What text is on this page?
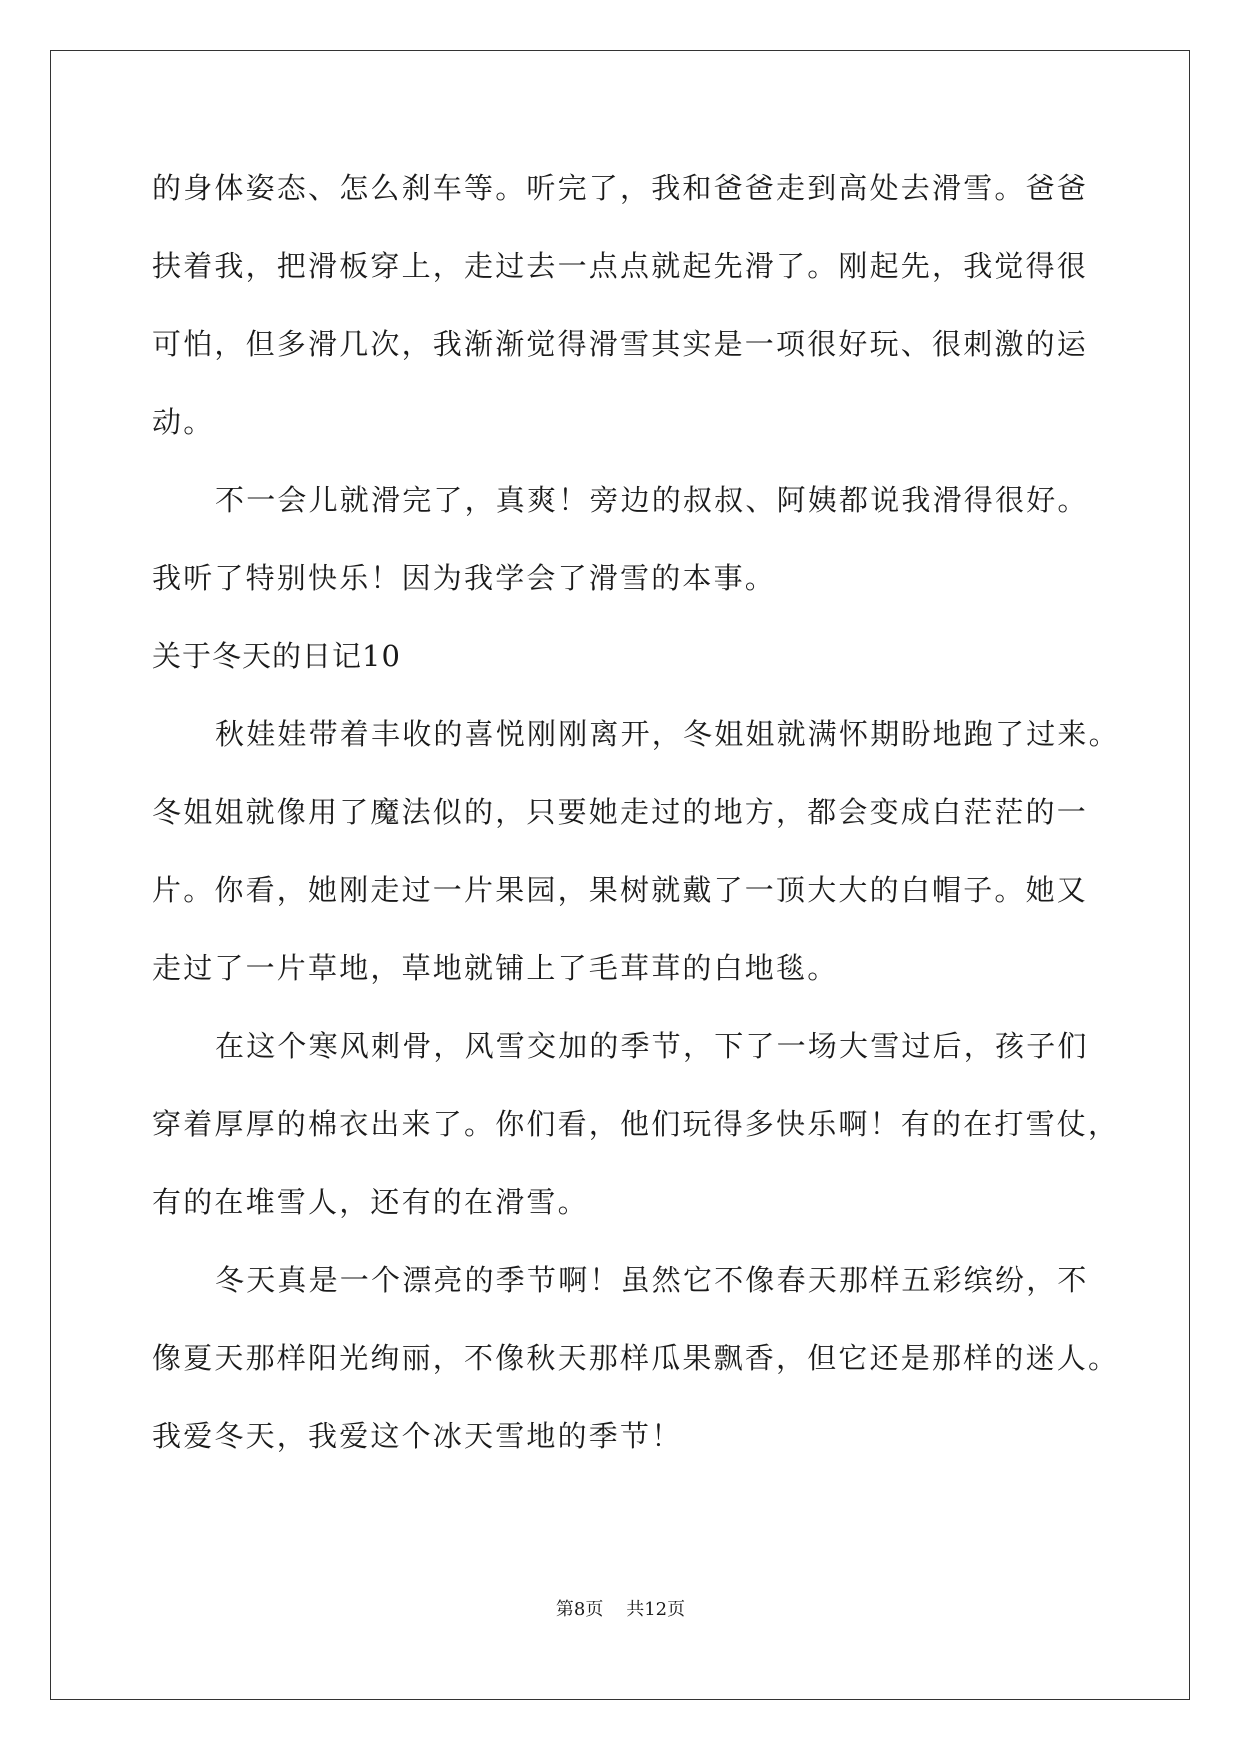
的身体姿态、怎么刹车等。听完了，我和爸爸走到高处去滑雪。爸爸
扶着我，把滑板穿上，走过去一点点就起先滑了。刚起先，我觉得很
可怕，但多滑几次，我渐渐觉得滑雪其实是一项很好玩、很刺激的运
动。
不一会儿就滑完了，真爽！旁边的叔叔、阿姨都说我滑得很好。
我听了特别快乐！因为我学会了滑雪的本事。
关于冬天的日记10
秋娃娃带着丰收的喜悦刚刚离开，冬姐姐就满怀期盼地跑了过来。
冬姐姐就像用了魔法似的，只要她走过的地方，都会变成白茫茫的一
片。你看，她刚走过一片果园，果树就戴了一顶大大的白帽子。她又
走过了一片草地，草地就铺上了毛茸茸的白地毯。
在这个寒风刺骨，风雪交加的季节，下了一场大雪过后，孩子们
穿着厚厚的棉衣出来了。你们看，他们玩得多快乐啊！有的在打雪仗，
有的在堆雪人，还有的在滑雪。
冬天真是一个漂亮的季节啊！虽然它不像春天那样五彩缤纷，不
像夏天那样阳光绚丽，不像秋天那样瓜果飘香，但它还是那样的迷人。
我爱冬天，我爱这个冰天雪地的季节！
第8页 共12页
